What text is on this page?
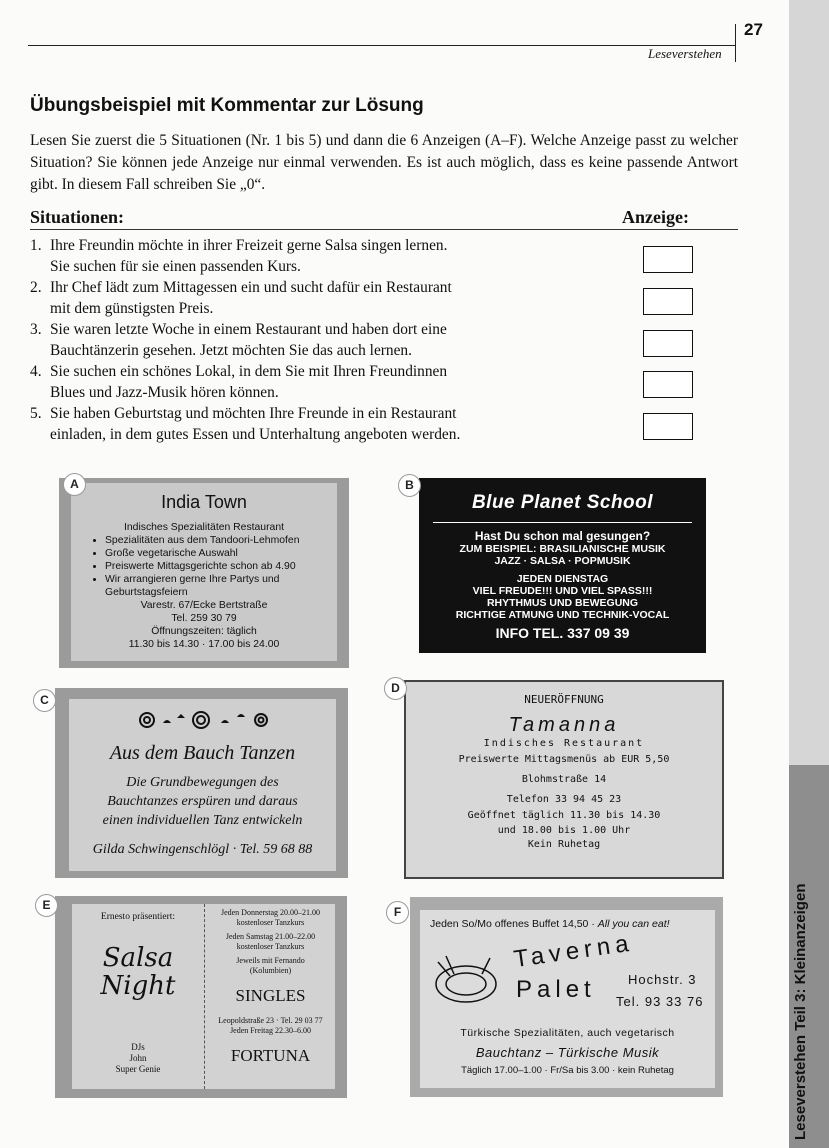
27
Leseverstehen
Leseverstehen Teil 3: Kleinanzeigen
Übungsbeispiel mit Kommentar zur Lösung
Lesen Sie zuerst die 5 Situationen (Nr. 1 bis 5) und dann die 6 Anzeigen (A–F). Welche Anzeige passt zu welcher Situation? Sie können jede Anzeige nur einmal verwenden. Es ist auch möglich, dass es keine passende Antwort gibt. In diesem Fall schreiben Sie „0“.
Situationen:	Anzeige:
1. Ihre Freundin möchte in ihrer Freizeit gerne Salsa singen lernen.
Sie suchen für sie einen passenden Kurs.
2. Ihr Chef lädt zum Mittagessen ein und sucht dafür ein Restaurant
mit dem günstigsten Preis.
3. Sie waren letzte Woche in einem Restaurant und haben dort eine
Bauchtänzerin gesehen. Jetzt möchten Sie das auch lernen.
4. Sie suchen ein schönes Lokal, in dem Sie mit Ihren Freundinnen
Blues und Jazz-Musik hören können.
5. Sie haben Geburtstag und möchten Ihre Freunde in ein Restaurant
einladen, in dem gutes Essen und Unterhaltung angeboten werden.
India Town
Indisches Spezialitäten Restaurant
• Spezialitäten aus dem Tandoori-Lehmofen
• Große vegetarische Auswahl
• Preiswerte Mittagsgerichte schon ab 4.90
• Wir arrangieren gerne Ihre Partys und Geburtstagsfeiern
Varestr. 67/Ecke Bertstraße
Tel. 259 30 79
Öffnungszeiten: täglich
11.30 bis 14.30 · 17.00 bis 24.00
A
Blue Planet School
Hast Du schon mal gesungen?
ZUM BEISPIEL: BRASILIANISCHE MUSIK
JAZZ · SALSA · POPMUSIK
JEDEN DIENSTAG
VIEL FREUDE!!! UND VIEL SPASS!!!
RHYTHMUS UND BEWEGUNG
RICHTIGE ATMUNG UND TECHNIK-VOCAL
INFO TEL. 337 09 39
B
Aus dem Bauch Tanzen
Die Grundbewegungen des
Bauchtanzes erspüren und daraus
einen individuellen Tanz entwickeln
Gilda Schwingenschlögl · Tel. 59 68 88
C	NEUERÖFFNUNG
Tamanna
Indisches Restaurant
Preiswerte Mittagsmenüs ab EUR 5,50
Blohmstraße 14
Telefon 33 94 45 23
Geöffnet täglich 11.30 bis 14.30
und 18.00 bis 1.00 Uhr
Kein Ruhetag
D
Ernesto präsentiert:
Salsa Night
DJs
John
Super Genie
Jeden Donnerstag 20.00–21.00
kostenloser Tanzkurs
Jeden Samstag 21.00–22.00
kostenloser Tanzkurs
Jeweils mit Fernando
(Kolumbien)
SINGLES
Leopoldstraße 23 · Tel. 29 03 77
Jeden Freitag 22.30–6.00
FORTUNA
E
Jeden So/Mo offenes Buffet 14,50 · All you can eat!
Taverna
Palet Hochstr. 3
Tel. 93 33 76
Türkische Spezialitäten, auch vegetarisch
Bauchtanz – Türkische Musik
Täglich 17.00–1.00 · Fr/Sa bis 3.00 · kein Ruhetag
F
